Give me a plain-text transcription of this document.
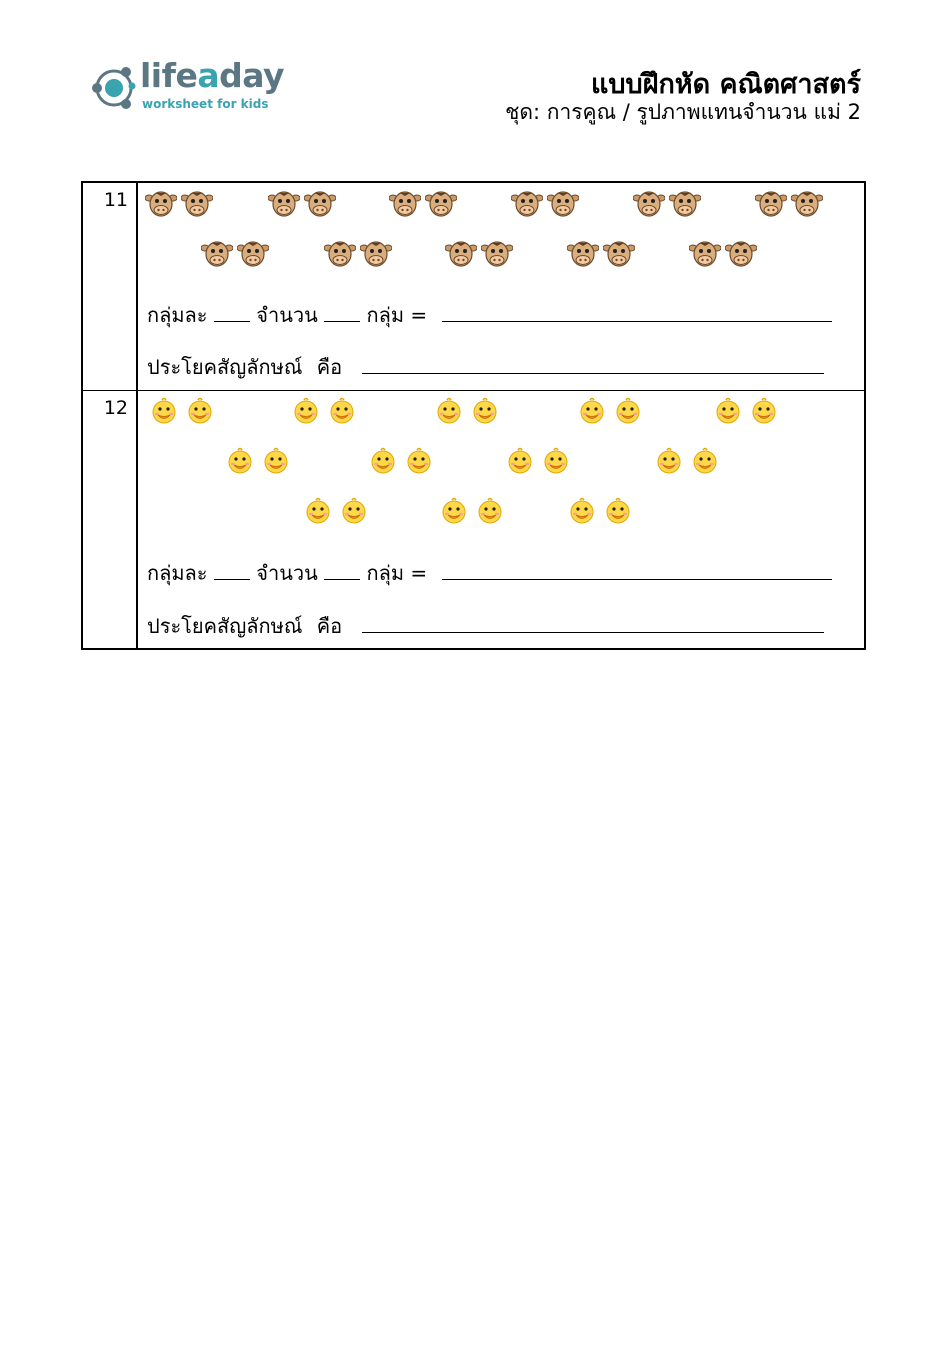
lifeaday
worksheet for kids
แบบฝึกหัด คณิตศาสตร์
ชุด: การคูณ / รูปภาพแทนจำนวน แม่ 2
11
กลุ่มละ จำนวน กลุ่ม =
ประโยคสัญลักษณ์ คือ
12
กลุ่มละ จำนวน กลุ่ม =
ประโยคสัญลักษณ์ คือ
